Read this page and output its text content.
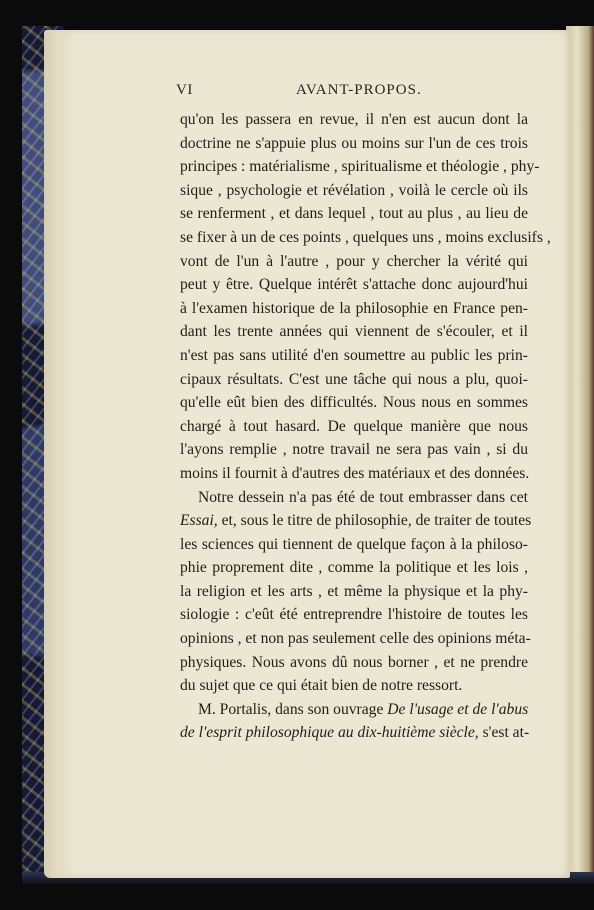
VI	AVANT-PROPOS.
qu'on les passera en revue, il n'en est aucun dont la
doctrine ne s'appuie plus ou moins sur l'un de ces trois
principes : matérialisme , spiritualisme et théologie , phy-
sique , psychologie et révélation , voilà le cercle où ils
se renferment , et dans lequel , tout au plus , au lieu de
se fixer à un de ces points , quelques uns , moins exclusifs ,
vont de l'un à l'autre , pour y chercher la vérité qui
peut y être. Quelque intérêt s'attache donc aujourd'hui
à l'examen historique de la philosophie en France pen-
dant les trente années qui viennent de s'écouler, et il
n'est pas sans utilité d'en soumettre au public les prin-
cipaux résultats. C'est une tâche qui nous a plu, quoi-
qu'elle eût bien des difficultés. Nous nous en sommes
chargé à tout hasard. De quelque manière que nous
l'ayons remplie , notre travail ne sera pas vain , si du
moins il fournit à d'autres des matériaux et des données.
Notre dessein n'a pas été de tout embrasser dans cet
Essai, et, sous le titre de philosophie, de traiter de toutes
les sciences qui tiennent de quelque façon à la philoso-
phie proprement dite , comme la politique et les lois ,
la religion et les arts , et même la physique et la phy-
siologie : c'eût été entreprendre l'histoire de toutes les
opinions , et non pas seulement celle des opinions méta-
physiques. Nous avons dû nous borner , et ne prendre
du sujet que ce qui était bien de notre ressort.
M. Portalis, dans son ouvrage De l'usage et de l'abus
de l'esprit philosophique au dix-huitième siècle, s'est at-
